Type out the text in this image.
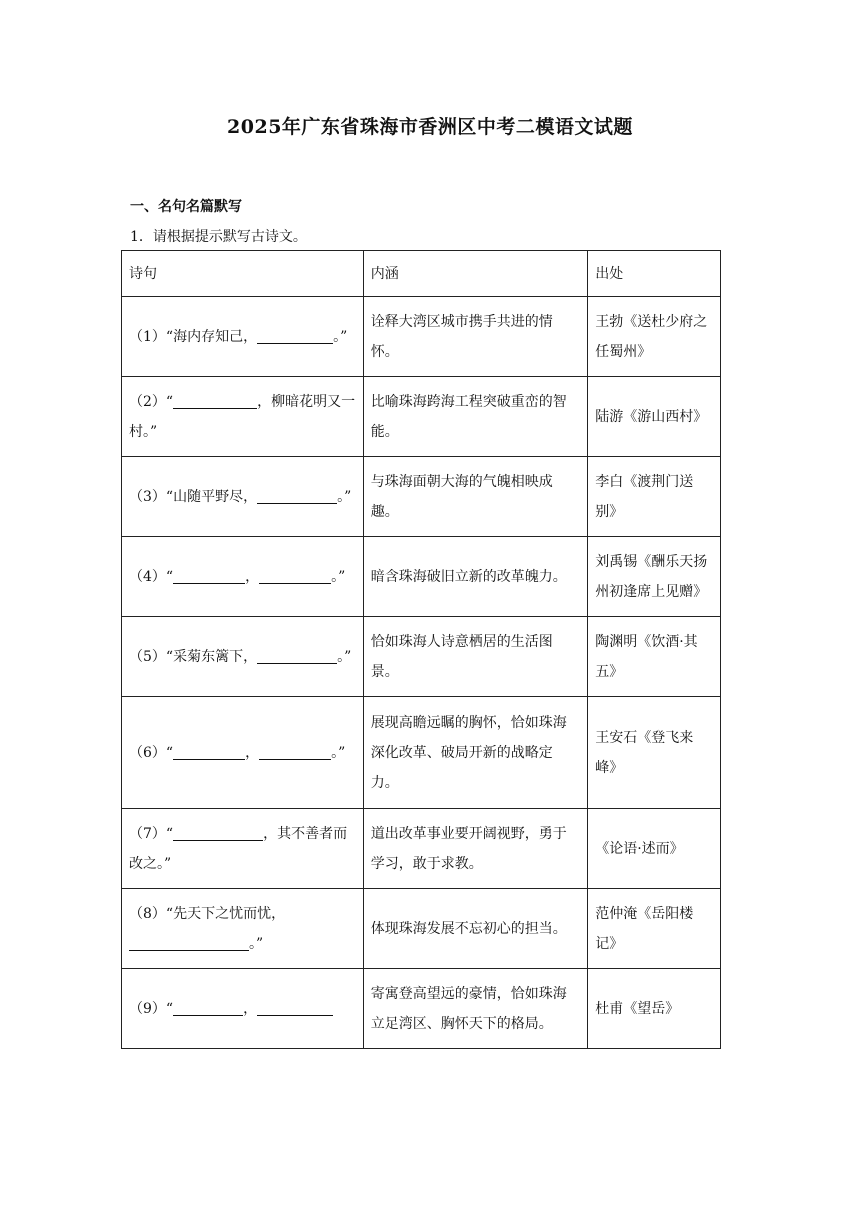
2025年广东省珠海市香洲区中考二模语文试题
一、名句名篇默写
1．请根据提示默写古诗文。
诗句	内涵	出处
（1）“海内存知己， 。”	诠释大湾区城市携手共进的情怀。	王勃《送杜少府之任蜀州》
（2）“ ，柳暗花明又一村。”	比喻珠海跨海工程突破重峦的智能。	陆游《游山西村》
（3）“山随平野尽， 。”	与珠海面朝大海的气魄相映成趣。	李白《渡荆门送别》
（4）“ ， 。”	暗含珠海破旧立新的改革魄力。	刘禹锡《酬乐天扬州初逢席上见赠》
（5）“采菊东篱下， 。”	恰如珠海人诗意栖居的生活图景。	陶渊明《饮酒·其五》
（6）“ ， 。”	展现高瞻远瞩的胸怀，恰如珠海深化改革、破局开新的战略定力。	王安石《登飞来峰》
（7）“ ，其不善者而改之。”	道出改革事业要开阔视野，勇于学习，敢于求教。	《论语·述而》
（8）“先天下之忧而忧，。”	体现珠海发展不忘初心的担当。	范仲淹《岳阳楼记》
（9）“ ，	寄寓登高望远的豪情，恰如珠海立足湾区、胸怀天下的格局。	杜甫《望岳》
